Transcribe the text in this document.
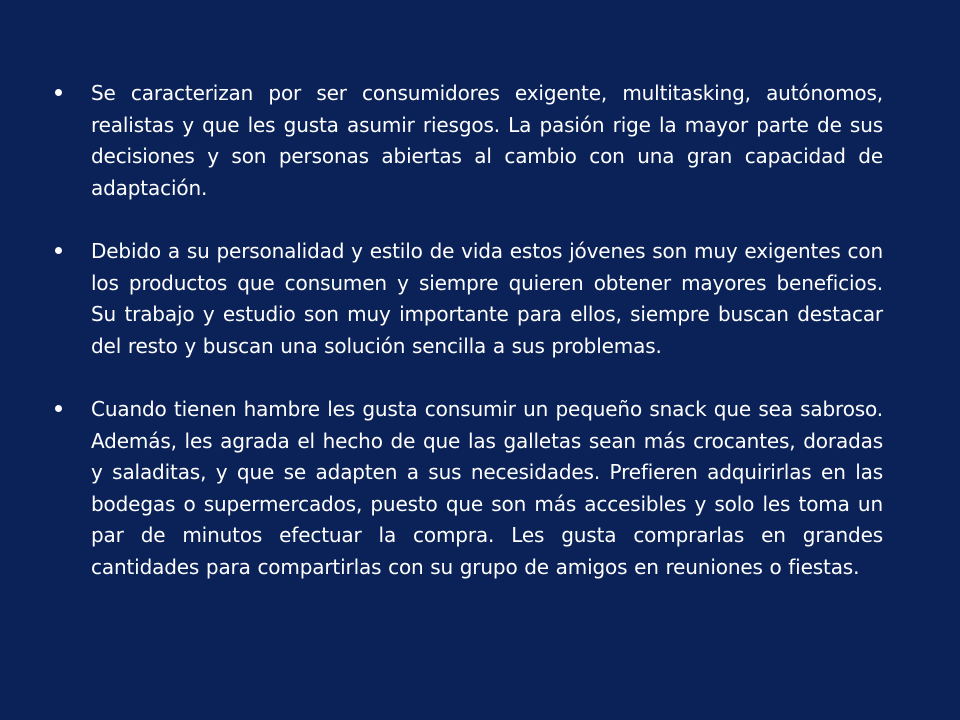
Se caracterizan por ser consumidores exigente, multitasking, autónomos, realistas y que les gusta asumir riesgos. La pasión rige la mayor parte de sus decisiones y son personas abiertas al cambio con una gran capacidad de adaptación.
Debido a su personalidad y estilo de vida estos jóvenes son muy exigentes con los productos que consumen y siempre quieren obtener mayores beneficios. Su trabajo y estudio son muy importante para ellos, siempre buscan destacar del resto y buscan una solución sencilla a sus problemas.
Cuando tienen hambre les gusta consumir un pequeño snack que sea sabroso. Además, les agrada el hecho de que las galletas sean más crocantes, doradas y saladitas, y que se adapten a sus necesidades. Prefieren adquirirlas en las bodegas o supermercados, puesto que son más accesibles y solo les toma un par de minutos efectuar la compra. Les gusta comprarlas en grandes cantidades para compartirlas con su grupo de amigos en reuniones o fiestas.
